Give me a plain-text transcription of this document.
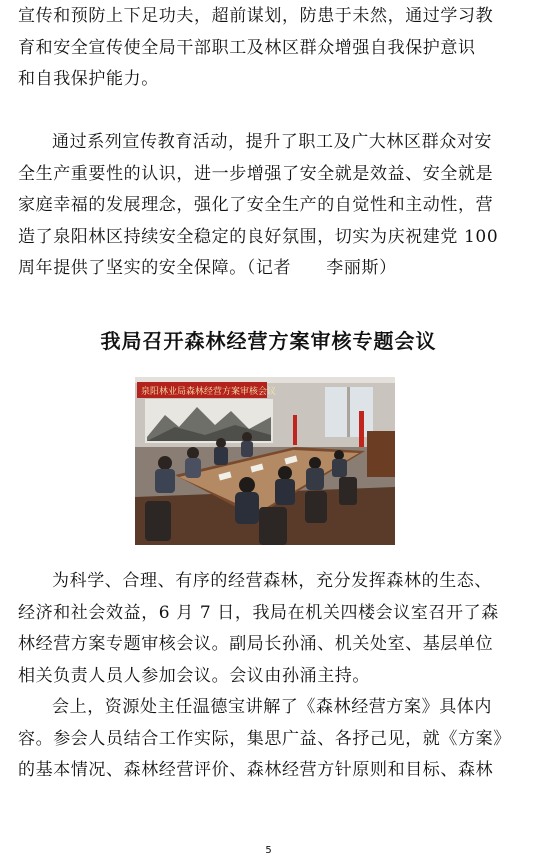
宣传和预防上下足功夫，超前谋划，防患于未然，通过学习教
育和安全宣传使全局干部职工及林区群众增强自我保护意识
和自我保护能力。
通过系列宣传教育活动，提升了职工及广大林区群众对安
全生产重要性的认识，进一步增强了安全就是效益、安全就是
家庭幸福的发展理念，强化了安全生产的自觉性和主动性，营
造了泉阳林区持续安全稳定的良好氛围，切实为庆祝建党 100
周年提供了坚实的安全保障。（记者　　李丽斯）
我局召开森林经营方案审核专题会议
泉阳林业局森林经营方案审核会议
为科学、合理、有序的经营森林，充分发挥森林的生态、
经济和社会效益，6 月 7 日，我局在机关四楼会议室召开了森
林经营方案专题审核会议。副局长孙涌、机关处室、基层单位
相关负责人员人参加会议。会议由孙涌主持。
会上，资源处主任温德宝讲解了《森林经营方案》具体内
容。参会人员结合工作实际，集思广益、各抒己见，就《方案》
的基本情况、森林经营评价、森林经营方针原则和目标、森林
5
